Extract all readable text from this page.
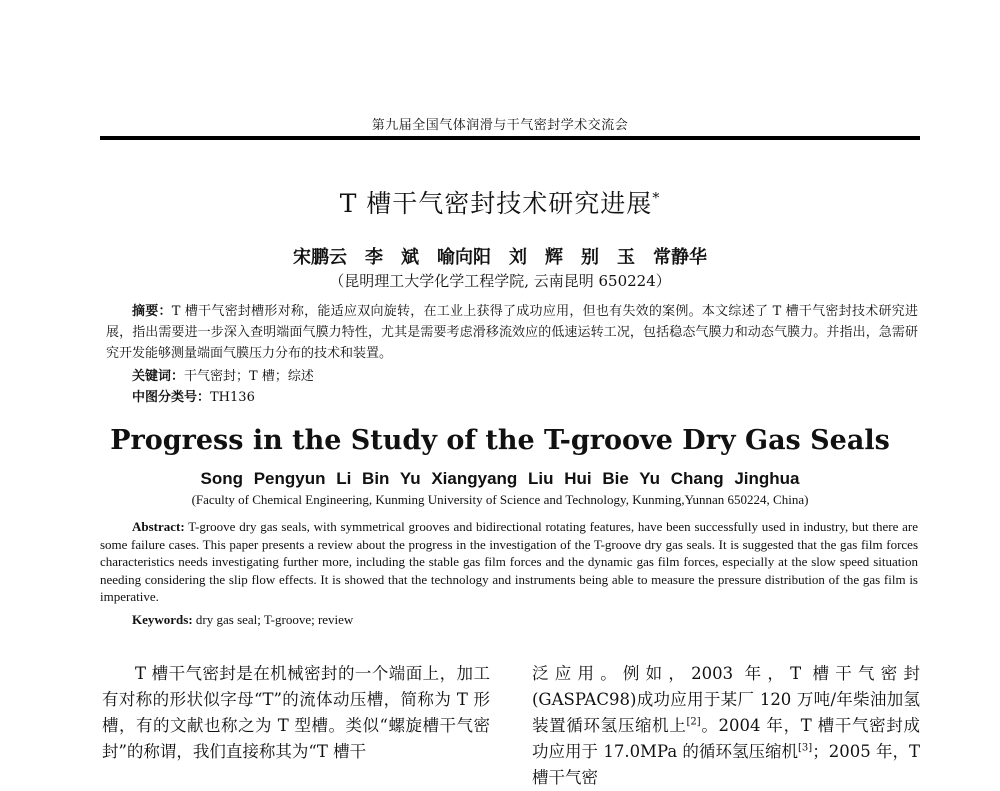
第九届全国气体润滑与干气密封学术交流会
T 槽干气密封技术研究进展*
宋鹏云　李　斌　喻向阳　刘　辉　别　玉　常静华
（昆明理工大学化学工程学院, 云南昆明 650224）
摘要：T 槽干气密封槽形对称，能适应双向旋转，在工业上获得了成功应用，但也有失效的案例。本文综述了 T 槽干气密封技术研究进展，指出需要进一步深入查明端面气膜力特性，尤其是需要考虑滑移流效应的低速运转工况，包括稳态气膜力和动态气膜力。并指出，急需研究开发能够测量端面气膜压力分布的技术和装置。
关键词：干气密封；T 槽；综述
中图分类号：TH136
Progress in the Study of the T-groove Dry Gas Seals
Song Pengyun Li Bin Yu Xiangyang Liu Hui Bie Yu Chang Jinghua
(Faculty of Chemical Engineering, Kunming University of Science and Technology, Kunming,Yunnan 650224, China)
Abstract: T-groove dry gas seals, with symmetrical grooves and bidirectional rotating features, have been successfully used in industry, but there are some failure cases. This paper presents a review about the progress in the investigation of the T-groove dry gas seals. It is suggested that the gas film forces characteristics needs investigating further more, including the stable gas film forces and the dynamic gas film forces, especially at the slow speed situation needing considering the slip flow effects. It is showed that the technology and instruments being able to measure the pressure distribution of the gas film is imperative.
Keywords: dry gas seal; T-groove; review

T 槽干气密封是在机械密封的一个端面上，加工有对称的形状似字母“T”的流体动压槽，简称为 T 形槽，有的文献也称之为 T 型槽。类似“螺旋槽干气密封”的称谓，我们直接称其为“T 槽干

泛应用。例如，2003 年，T 槽干气密封(GASPAC98)成功应用于某厂 120 万吨/年柴油加氢装置循环氢压缩机上[2]。2004 年，T 槽干气密封成功应用于 17.0MPa 的循环氢压缩机[3]；2005 年，T 槽干气密
